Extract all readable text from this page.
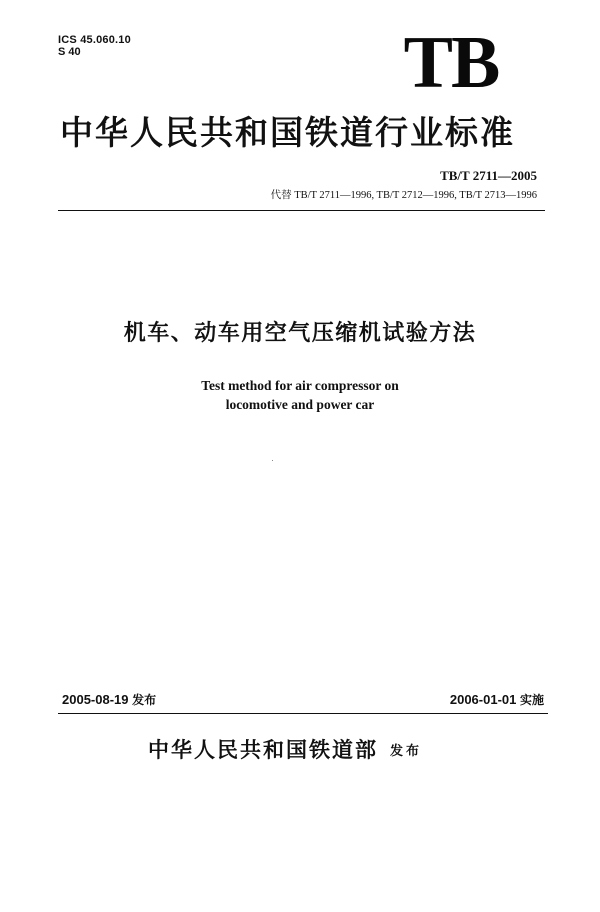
ICS 45.060.10
S 40	TB
中华人民共和国铁道行业标准
TB/T 2711—2005
代替 TB/T 2711—1996, TB/T 2712—1996, TB/T 2713—1996
机车、动车用空气压缩机试验方法
Test method for air compressor on
locomotive and power car
2005-08-19 发布	2006-01-01 实施
中华人民共和国铁道部 发布
